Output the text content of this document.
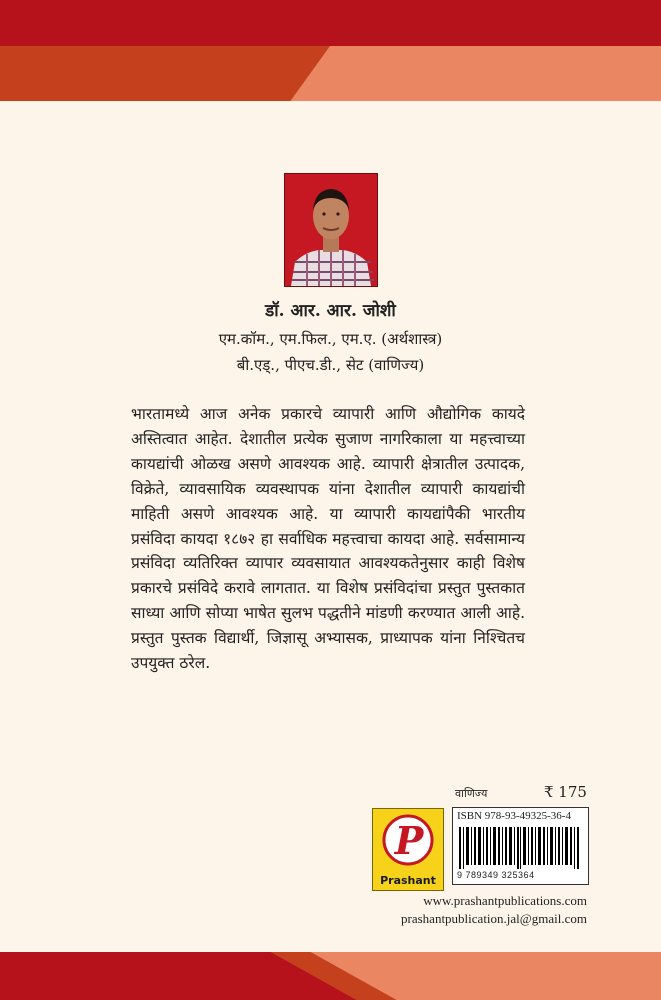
डॉ. आर. आर. जोशी
एम.कॉम., एम.फिल., एम.ए. (अर्थशास्त्र)
बी.एड्., पीएच.डी., सेट (वाणिज्य)

भारतामध्ये आज अनेक प्रकारचे व्यापारी आणि औद्योगिक कायदे अस्तित्वात आहेत. देशातील प्रत्येक सुजाण नागरिकाला या महत्त्वाच्या कायद्यांची ओळख असणे आवश्यक आहे. व्यापारी क्षेत्रातील उत्पादक, विक्रेते, व्यावसायिक व्यवस्थापक यांना देशातील व्यापारी कायद्यांची माहिती असणे आवश्यक आहे. या व्यापारी कायद्यांपैकी भारतीय प्रसंविदा कायदा १८७२ हा सर्वाधिक महत्त्वाचा कायदा आहे. सर्वसामान्य प्रसंविदा व्यतिरिक्त व्यापार व्यवसायात आवश्यकतेनुसार काही विशेष प्रकारचे प्रसंविदे करावे लागतात. या विशेष प्रसंविदांचा प्रस्तुत पुस्तकात साध्या आणि सोप्या भाषेत सुलभ पद्धतीने मांडणी करण्यात आली आहे. प्रस्तुत पुस्तक विद्यार्थी, जिज्ञासू अभ्यासक, प्राध्यापक यांना निश्चितच उपयुक्त ठरेल.

वाणिज्य	₹ 175
P
Prashant
ISBN 978-93-49325-36-4
9 789349 325364
www.prashantpublications.com
prashantpublication.jal@gmail.com
